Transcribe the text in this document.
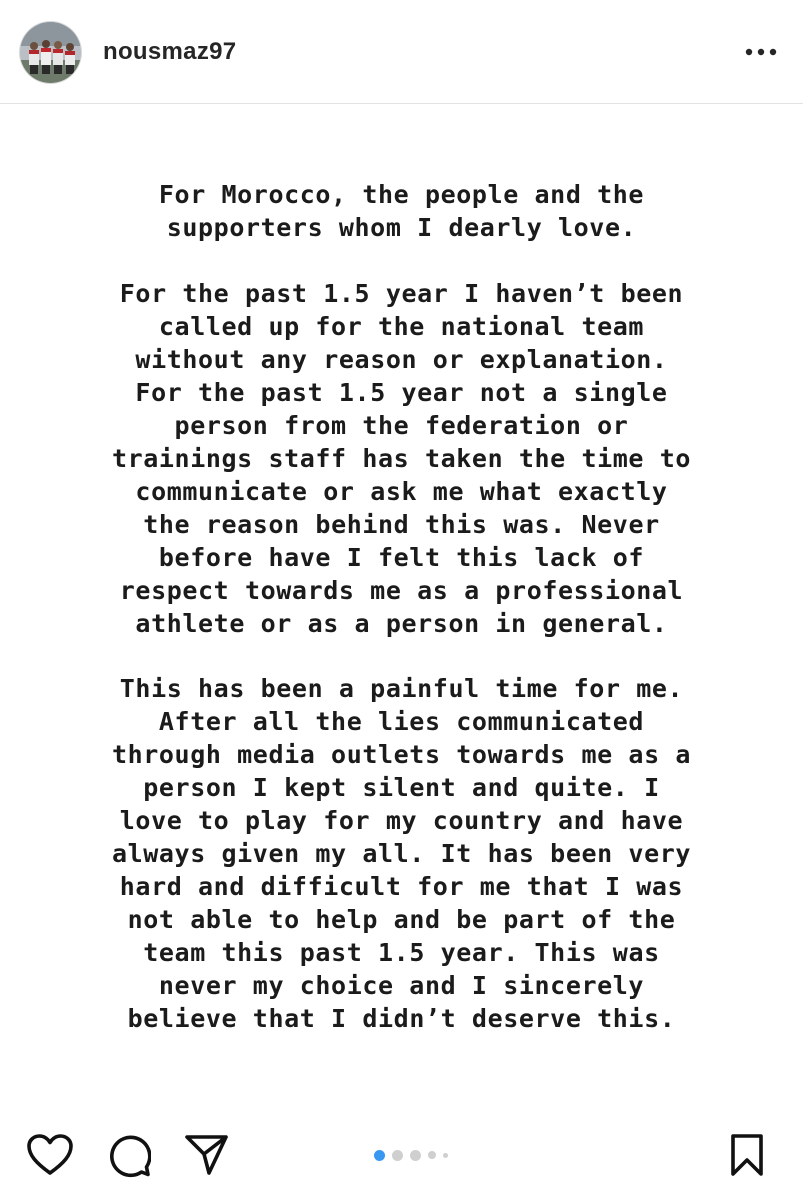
nousmaz97
For Morocco, the people and the
supporters whom I dearly love.
For the past 1.5 year I haven’t been
called up for the national team
without any reason or explanation.
For the past 1.5 year not a single
person from the federation or
trainings staff has taken the time to
communicate or ask me what exactly
the reason behind this was. Never
before have I felt this lack of
respect towards me as a professional
athlete or as a person in general.
This has been a painful time for me.
After all the lies communicated
through media outlets towards me as a
person I kept silent and quite. I
love to play for my country and have
always given my all. It has been very
hard and difficult for me that I was
not able to help and be part of the
team this past 1.5 year. This was
never my choice and I sincerely
believe that I didn’t deserve this.
